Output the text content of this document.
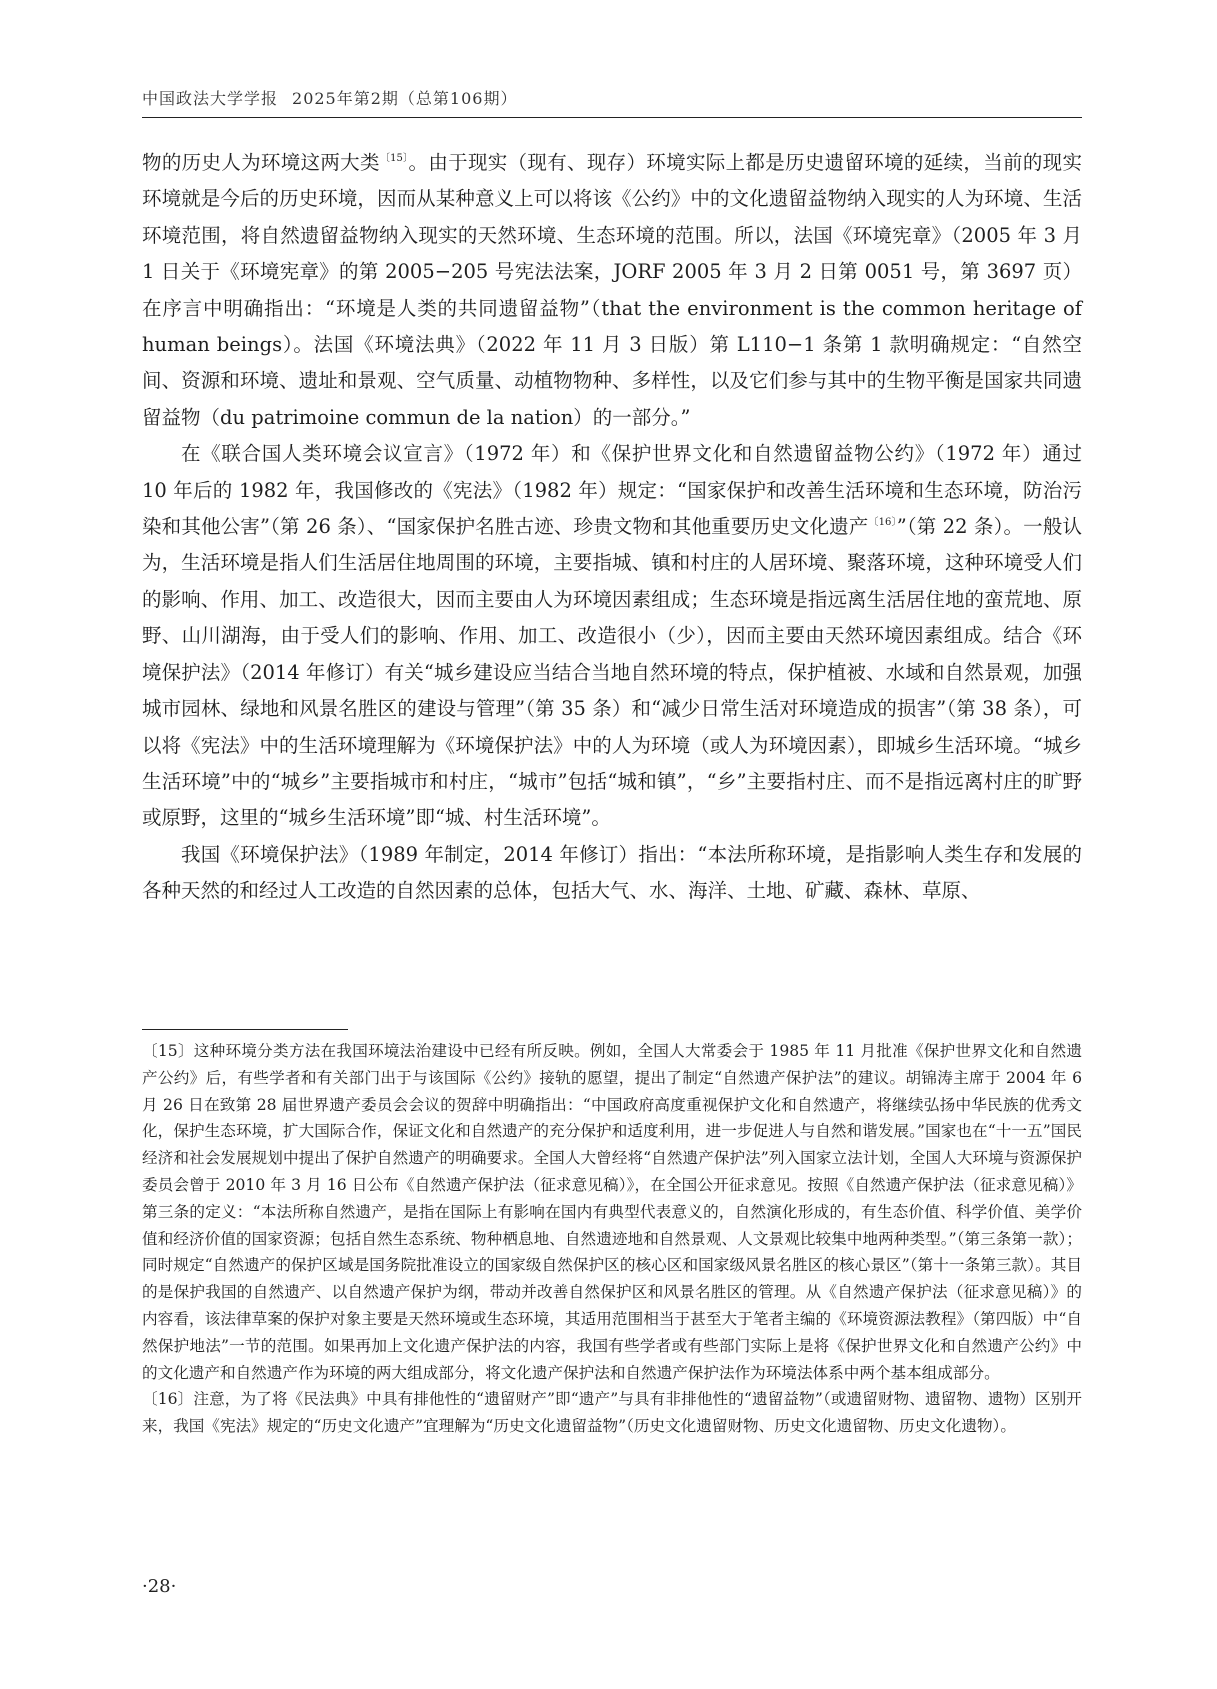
中国政法大学学报 2025年第2期（总第106期）

物的历史人为环境这两大类$^{〔15〕}$。由于现实（现有、现存）环境实际上都是历史遗留环境的延续，当前的现实环境就是今后的历史环境，因而从某种意义上可以将该《公约》中的文化遗留益物纳入现实的人为环境、生活环境范围，将自然遗留益物纳入现实的天然环境、生态环境的范围。所以，法国《环境宪章》（2005 年 3 月 1 日关于《环境宪章》的第 2005−205 号宪法法案，JORF 2005 年 3 月 2 日第 0051 号，第 3697 页）在序言中明确指出：“环境是人类的共同遗留益物”（that the environment is the common heritage of human beings）。法国《环境法典》（2022 年 11 月 3 日版）第 L110−1 条第 1 款明确规定：“自然空间、资源和环境、遗址和景观、空气质量、动植物物种、多样性，以及它们参与其中的生物平衡是国家共同遗留益物（du patrimoine commun de la nation）的一部分。”

在《联合国人类环境会议宣言》（1972 年）和《保护世界文化和自然遗留益物公约》（1972 年）通过 10 年后的 1982 年，我国修改的《宪法》（1982 年）规定：“国家保护和改善生活环境和生态环境，防治污染和其他公害”（第 26 条）、“国家保护名胜古迹、珍贵文物和其他重要历史文化遗产$^{〔16〕}$”（第 22 条）。一般认为，生活环境是指人们生活居住地周围的环境，主要指城、镇和村庄的人居环境、聚落环境，这种环境受人们的影响、作用、加工、改造很大，因而主要由人为环境因素组成；生态环境是指远离生活居住地的蛮荒地、原野、山川湖海，由于受人们的影响、作用、加工、改造很小（少），因而主要由天然环境因素组成。结合《环境保护法》（2014 年修订）有关“城乡建设应当结合当地自然环境的特点，保护植被、水域和自然景观，加强城市园林、绿地和风景名胜区的建设与管理”（第 35 条）和“减少日常生活对环境造成的损害”（第 38 条），可以将《宪法》中的生活环境理解为《环境保护法》中的人为环境（或人为环境因素），即城乡生活环境。“城乡生活环境”中的“城乡”主要指城市和村庄，“城市”包括“城和镇”，“乡”主要指村庄、而不是指远离村庄的旷野或原野，这里的“城乡生活环境”即“城、村生活环境”。

我国《环境保护法》（1989 年制定，2014 年修订）指出：“本法所称环境，是指影响人类生存和发展的各种天然的和经过人工改造的自然因素的总体，包括大气、水、海洋、土地、矿藏、森林、草原、

〔15〕这种环境分类方法在我国环境法治建设中已经有所反映。例如，全国人大常委会于 1985 年 11 月批准《保护世界文化和自然遗产公约》后，有些学者和有关部门出于与该国际《公约》接轨的愿望，提出了制定“自然遗产保护法”的建议。胡锦涛主席于 2004 年 6 月 26 日在致第 28 届世界遗产委员会会议的贺辞中明确指出：“中国政府高度重视保护文化和自然遗产，将继续弘扬中华民族的优秀文化，保护生态环境，扩大国际合作，保证文化和自然遗产的充分保护和适度利用，进一步促进人与自然和谐发展。”国家也在“十一五”国民经济和社会发展规划中提出了保护自然遗产的明确要求。全国人大曾经将“自然遗产保护法”列入国家立法计划，全国人大环境与资源保护委员会曾于 2010 年 3 月 16 日公布《自然遗产保护法（征求意见稿）》，在全国公开征求意见。按照《自然遗产保护法（征求意见稿）》第三条的定义：“本法所称自然遗产，是指在国际上有影响在国内有典型代表意义的，自然演化形成的，有生态价值、科学价值、美学价值和经济价值的国家资源；包括自然生态系统、物种栖息地、自然遗迹地和自然景观、人文景观比较集中地两种类型。”（第三条第一款）；同时规定“自然遗产的保护区域是国务院批准设立的国家级自然保护区的核心区和国家级风景名胜区的核心景区”（第十一条第三款）。其目的是保护我国的自然遗产、以自然遗产保护为纲，带动并改善自然保护区和风景名胜区的管理。从《自然遗产保护法（征求意见稿）》的内容看，该法律草案的保护对象主要是天然环境或生态环境，其适用范围相当于甚至大于笔者主编的《环境资源法教程》（第四版）中“自然保护地法”一节的范围。如果再加上文化遗产保护法的内容，我国有些学者或有些部门实际上是将《保护世界文化和自然遗产公约》中的文化遗产和自然遗产作为环境的两大组成部分，将文化遗产保护法和自然遗产保护法作为环境法体系中两个基本组成部分。

〔16〕注意，为了将《民法典》中具有排他性的“遗留财产”即“遗产”与具有非排他性的“遗留益物”（或遗留财物、遗留物、遗物）区别开来，我国《宪法》规定的“历史文化遗产”宜理解为“历史文化遗留益物”（历史文化遗留财物、历史文化遗留物、历史文化遗物）。

·28·
